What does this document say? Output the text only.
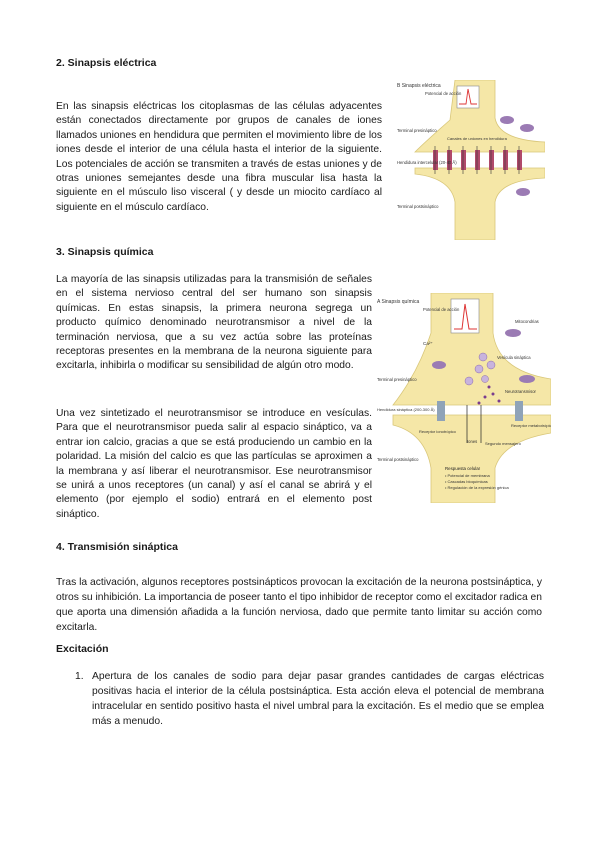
2. Sinapsis eléctrica

En las sinapsis eléctricas los citoplasmas de las células adyacentes están conectados directamente por grupos de canales de iones llamados uniones en hendidura que permiten el movimiento libre de los iones desde el interior de una célula hasta el interior de la siguiente. Los potenciales de acción se transmiten a través de estas uniones y de otras uniones semejantes desde una fibra muscular lisa hasta la siguiente en el músculo liso visceral ( y desde un miocito cardíaco al siguiente en el músculo cardíaco.

B Sinapsis eléctrica
Potencial de acción
Canales de uniones en hendidura
Terminal presináptico
Hendidura intercelular (20-40 Å)
Terminal postsináptico
3. Sinapsis química

La mayoría de las sinapsis utilizadas para la transmisión de señales en el sistema nervioso central del ser humano son sinapsis químicas. En estas sinapsis, la primera neurona segrega un producto químico denominado neurotransmisor a nivel de la terminación nerviosa, que a su vez actúa sobre las proteínas receptoras presentes en la membrana de la neurona siguiente para excitarla, inhibirla o modificar su sensibilidad de algún otro modo.

Una vez sintetizado el neurotransmisor se introduce en vesículas. Para que el neurotransmisor pueda salir al espacio sináptico, va a entrar ion calcio, gracias a que se está produciendo un cambio en la polaridad. La misión del calcio es que las partículas se aproximen a la membrana y así liberar el neurotransmisor. Ese neurotransmisor se unirá a unos receptores (un canal) y así el canal se abrirá y el elemento (por ejemplo el sodio) entrará en el elemento post sináptico.

A Sinapsis química
Potencial de acción
Mitocondrias
Ca²⁺
Vesícula sináptica
Terminal presináptico
Neurotransmisor
Hendidura sináptica (200-300 Å)
Receptor ionotrópico
Iones Segundo mensajero
Receptor metabotrópico
Terminal postsináptico
Respuesta celular
• Potencial de membrana
• Cascadas bioquímicas
• Regulación de la expresión génica
4. Transmisión sináptica

Tras la activación, algunos receptores postsinápticos provocan la excitación de la neurona postsináptica, y otros su inhibición. La importancia de poseer tanto el tipo inhibidor de receptor como el excitador radica en que aporta una dimensión añadida a la función nerviosa, dado que permite tanto limitar su acción como excitarla.

Excitación
1. Apertura de los canales de sodio para dejar pasar grandes cantidades de cargas eléctricas positivas hacia el interior de la célula postsináptica. Esta acción eleva el potencial de membrana intracelular en sentido positivo hasta el nivel umbral para la excitación. Es el medio que se emplea más a menudo.
